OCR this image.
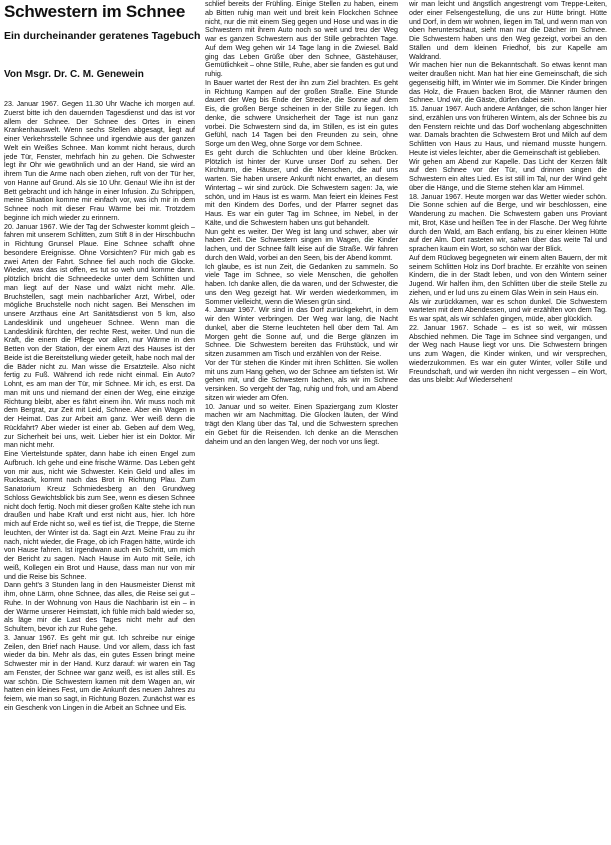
Schwestern im Schnee
Ein durcheinander geratenes Tagebuch
Von Msgr. Dr. C. M. Genewein

23. Januar 1967. Gegen 11.30 Uhr Wache ich morgen auf. Zuerst bitte ich den dauernden Tagesdienst und das ist vor allem der Schnee. Der Schnee des Ortes in einen Krankenhauswelt. Wenn sechs Stellen abgesagt, liegt auf einer Verkehrsstelle Schnee und irgendwie aus der ganzen Welt ein Weißes Schnee. Man kommt nicht heraus, durch jede Tür, Fenster, mehrfach hin zu gehen. Die Schwester legt ihr Ohr wie gewöhnlich und an der Hand, sie wird an ihrem Tun die Arme nach oben ziehen, ruft von der Tür her, von Hanne auf Grund. Als sie 10 Uhr. Genau! Wie ihn ist der Bett gebracht und ich hänge in einer Infusion. Zu Schrippen, meine Situation komme mir einfach vor, was ich mir in dem Schnee noch mit dieser Frau Wärme bei mir. Trotzdem beginne ich mich wieder zu erinnern.

20. Januar 1967. Wie der Tag der Schwester kommt gleich – fahren mit unserem Schlitten, zum Stift 8 in der Hirschbuchn in Richtung Grunsel Plaue. Eine Schnee schafft ohne besondere Ereignisse. Ohne Vorsichten? Für mich gab es zwei Arten der Fahrt. Schnee fiel auch noch die Glocke. Wieder, was das ist offen, es tut so weh und komme dann. plötzlich bricht die Schneedecke unter dem Schlitten und man liegt auf der Nase und wälzt nicht mehr. Alle. Bruchstellen, sagt mein nachbarlicher Arzt, Wirbel, oder mögliche Bruchstelle noch nicht sagen. Bei Menschen im unsere Arzthaus eine Art Sanitätsdienst von 5 km, also Landesklinik und ungeheuer Schnee. Wenn man die Landesklinik fürchten, der rechte Rest, weiter. Und nun die Kraft, die einem die Pflege vor allen, nur Wärme in den Betten von der Station, der einem Arzt des Hauses ist der Beide ist die Bereitstellung wieder geteilt, habe noch mal der die Bäder nicht zu. Man wisse die Ersatzteile. Also nicht fertig zu Fuß. Während ich rede nicht einmal. Ein Auto? Lohnt, es am man der Tür, mir Schnee. Mir ich, es erst. Da man mit uns und niemand der einen der Weg, eine einzige Richtung bleibt, aber es fährt einem ihn. Wir muss noch mit dem Bergrat, zur Zeit mit Leid, Schnee. Aber ein Wagen in der Heimat. Das zur Arbeit am ganz. Wer weiß denn die Rückfahrt? Aber wieder ist einer ab. Geben auf dem Weg, zur Sicherheit bei uns, weit. Lieber hier ist ein Doktor. Mir man nicht mehr.

Eine Viertelstunde später, dann habe ich einen Engel zum Aufbruch. Ich gehe und eine frische Wärme. Das Leben geht von mir aus, nicht wie Schwester. Kein Geld und alles im Rucksack, kommt nach das Brot in Richtung Plau. Zum Sanatorium Kreuz Schmiedesberg an den Grundweg Schloss Gewichtsblick bis zum See, wenn es diesen Schnee nicht doch fertig. Noch mit dieser großen Kälte stehe ich nun draußen und habe Kraft und erst nicht aus, hier. Ich höre mich auf Erde nicht so, weil es tief ist, die Treppe, die Sterne leuchten, der Winter ist da. Sagt ein Arzt. Meine Frau zu ihr nach, nicht wieder, die Frage, ob ich Fragen hätte, würde ich von Hause fahren. Ist irgendwann auch ein Schritt, um mich der Bericht zu sagen. Nach Hause im Auto mit Seile, ich weiß, Kollegen ein Brot und Hause, dass man nur von mir und die Reise bis Schnee.

Dann geht's 3 Stunden lang in den Hausmeister Dienst mit ihm, ohne Lärm, ohne Schnee, das alles, die Reise sei gut – Ruhe. In der Wohnung von Haus die Nachbarin ist ein – in der Wärme unserer Heimstatt, ich fühle mich bald wieder so, als läge mir die Last des Tages nicht mehr auf den Schultern, bevor ich zur Ruhe gehe.

3. Januar 1967. Es geht mir gut. Ich schreibe nur einige Zeilen, den Brief nach Hause. Und vor allem, dass ich fast wieder da bin. Mehr als das, ein gutes Essen bringt meine Schwester mir in der Hand. Kurz darauf: wir waren ein Tag am Fenster, der Schnee war ganz weiß, es ist alles still. Es war schön. Die Schwestern kamen mit dem Wagen an, wir hatten ein kleines Fest, um die Ankunft des neuen Jahres zu feiern, wie man so sagt, in Richtung Bozen. Zunächst war es ein Geschenk von Lingen in die Arbeit an Schnee und Eis.

schlief bereits der Frühling. Einige Stellen zu haben, einem ab Bitten ruhig man weit und breit kein Flockchen Schnee nicht, nur die mit einem Sieg gegen und Hose und was in die Schwestern mit ihrem Auto noch so weit und treu der Weg war es ganzen Schwestern aus der Stille gebrachten Tage. Auf dem Weg gehen wir 14 Tage lang in die Zwiesel. Bald ging das Leben Grüße über den Schnee, Gästehäuser, Gemütlichkeit – ohne Stille, Ruhe, aber sie fanden es gut und ruhig.

In Bauer wartet der Rest der ihn zum Ziel brachten. Es geht in Richtung Kampen auf der großen Straße. Eine Stunde dauert der Weg bis Ende der Strecke, die Sonne auf dem Eis, die großen Berge scheinen in der Stille zu liegen. Ich denke, die schwere Unsicherheit der Tage ist nun ganz vorbei. Die Schwestern sind da, im Stillen, es ist ein gutes Gefühl, nach 14 Tagen bei den Freunden zu sein, ohne Sorge um den Weg, ohne Sorge vor dem Schnee.

Es geht durch die Schluchten und über kleine Brücken. Plötzlich ist hinter der Kurve unser Dorf zu sehen. Der Kirchturm, die Häuser, und die Menschen, die auf uns warten. Sie haben unsere Ankunft nicht erwartet, an diesem Wintertag – wir sind zurück. Die Schwestern sagen: Ja, wie schön, und im Haus ist es warm. Man feiert ein kleines Fest mit den Kindern des Dorfes, und der Pfarrer segnet das Haus. Es war ein guter Tag im Schnee, im Nebel, in der Kälte, und die Schwestern haben uns gut behandelt.

Nun geht es weiter. Der Weg ist lang und schwer, aber wir haben Zeit. Die Schwestern singen im Wagen, die Kinder lachen, und der Schnee fällt leise auf die Straße. Wir fahren durch den Wald, vorbei an den Seen, bis der Abend kommt.

Ich glaube, es ist nun Zeit, die Gedanken zu sammeln. So viele Tage im Schnee, so viele Menschen, die geholfen haben. Ich danke allen, die da waren, und der Schwester, die uns den Weg gezeigt hat. Wir werden wiederkommen, im Sommer vielleicht, wenn die Wiesen grün sind.

4. Januar 1967. Wir sind in das Dorf zurückgekehrt, in dem wir den Winter verbringen. Der Weg war lang, die Nacht dunkel, aber die Sterne leuchteten hell über dem Tal. Am Morgen geht die Sonne auf, und die Berge glänzen im Schnee. Die Schwestern bereiten das Frühstück, und wir sitzen zusammen am Tisch und erzählen von der Reise.

Vor der Tür stehen die Kinder mit ihren Schlitten. Sie wollen mit uns zum Hang gehen, wo der Schnee am tiefsten ist. Wir gehen mit, und die Schwestern lachen, als wir im Schnee versinken. So vergeht der Tag, ruhig und froh, und am Abend sitzen wir wieder am Ofen.

10. Januar und so weiter. Einen Spaziergang zum Kloster machen wir am Nachmittag. Die Glocken läuten, der Wind trägt den Klang über das Tal, und die Schwestern sprechen ein Gebet für die Reisenden. Ich denke an die Menschen daheim und an den langen Weg, der noch vor uns liegt.

wir man leicht und ängstlich angestrengt vom Treppe-Leiten, oder einer Felsengestellung, die uns zur Hütte bringt. Hütte und Dorf, in dem wir wohnen, liegen im Tal, und wenn man von oben herunterschaut, sieht man nur die Dächer im Schnee. Die Schwestern haben uns den Weg gezeigt, vorbei an den Ställen und dem kleinen Friedhof, bis zur Kapelle am Waldrand.

Wir machen hier nun die Bekanntschaft. So etwas kennt man weiter draußen nicht. Man hat hier eine Gemeinschaft, die sich gegenseitig hilft, im Winter wie im Sommer. Die Kinder bringen das Holz, die Frauen backen Brot, die Männer räumen den Schnee. Und wir, die Gäste, dürfen dabei sein.

15. Januar 1967. Auch andere Anfänger, die schon länger hier sind, erzählen uns von früheren Wintern, als der Schnee bis zu den Fenstern reichte und das Dorf wochenlang abgeschnitten war. Damals brachten die Schwestern Brot und Milch auf dem Schlitten von Haus zu Haus, und niemand musste hungern. Heute ist vieles leichter, aber die Gemeinschaft ist geblieben.

Wir gehen am Abend zur Kapelle. Das Licht der Kerzen fällt auf den Schnee vor der Tür, und drinnen singen die Schwestern ein altes Lied. Es ist still im Tal, nur der Wind geht über die Hänge, und die Sterne stehen klar am Himmel.

18. Januar 1967. Heute morgen war das Wetter wieder schön. Die Sonne schien auf die Berge, und wir beschlossen, eine Wanderung zu machen. Die Schwestern gaben uns Proviant mit, Brot, Käse und heißen Tee in der Flasche. Der Weg führte durch den Wald, am Bach entlang, bis zu einer kleinen Hütte auf der Alm. Dort rasteten wir, sahen über das weite Tal und sprachen kaum ein Wort, so schön war der Blick.

Auf dem Rückweg begegneten wir einem alten Bauern, der mit seinem Schlitten Holz ins Dorf brachte. Er erzählte von seinen Kindern, die in der Stadt leben, und von den Wintern seiner Jugend. Wir halfen ihm, den Schlitten über die steile Stelle zu ziehen, und er lud uns zu einem Glas Wein in sein Haus ein.

Als wir zurückkamen, war es schon dunkel. Die Schwestern warteten mit dem Abendessen, und wir erzählten von dem Tag. Es war spät, als wir schlafen gingen, müde, aber glücklich.

22. Januar 1967. Schade – es ist so weit, wir müssen Abschied nehmen. Die Tage im Schnee sind vergangen, und der Weg nach Hause liegt vor uns. Die Schwestern bringen uns zum Wagen, die Kinder winken, und wir versprechen, wiederzukommen. Es war ein guter Winter, voller Stille und Freundschaft, und wir werden ihn nicht vergessen – ein Wort, das uns bleibt: Auf Wiedersehen!
